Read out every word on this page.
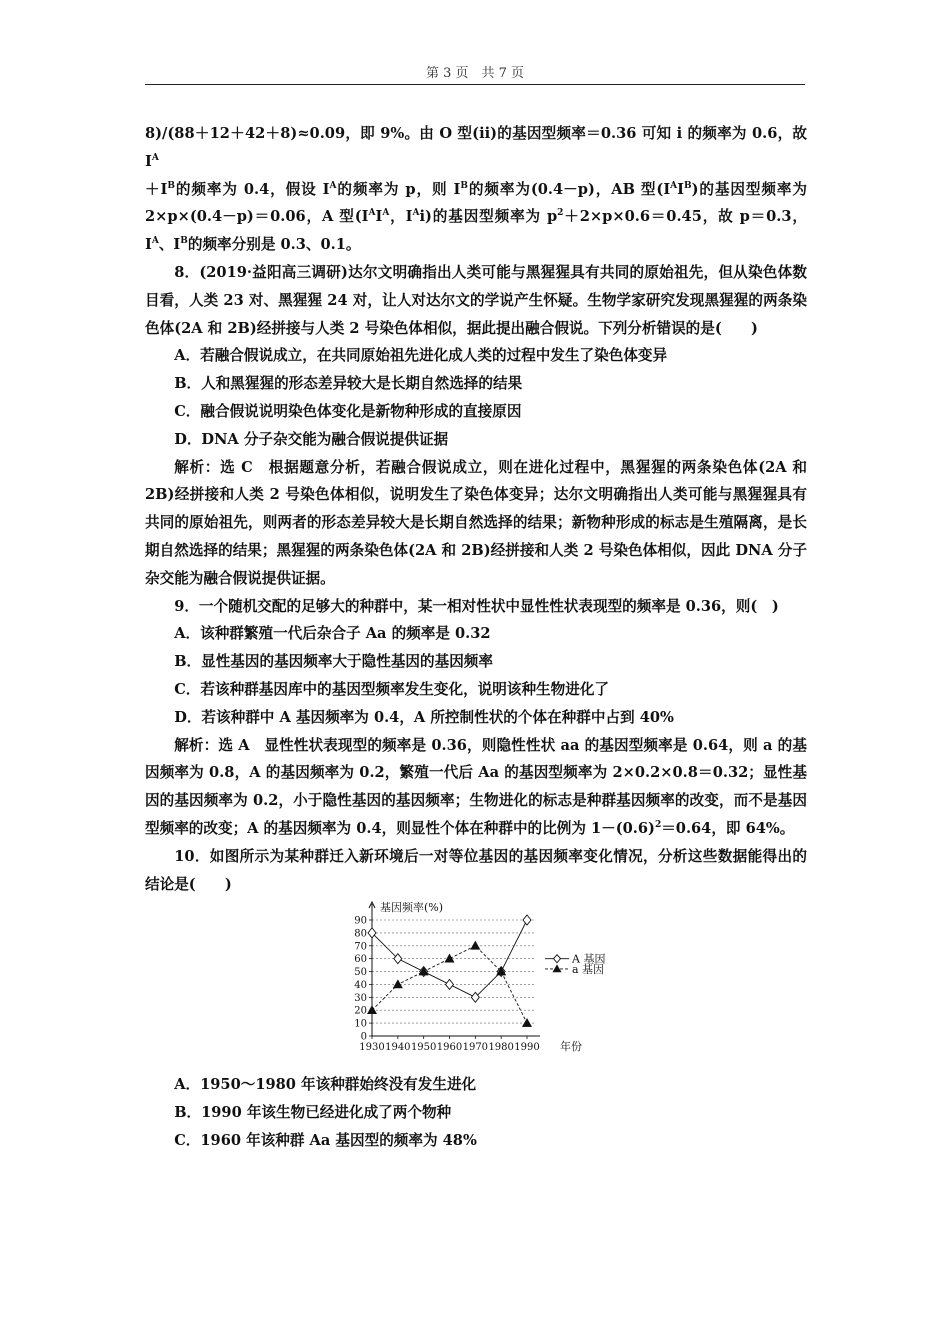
第 3 页　共 7 页

8)/(88＋12＋42＋8)≈0.09，即 9%。由 O 型(ii)的基因型频率＝0.36 可知 i 的频率为 0.6，故 $I^A$
$+I^B$的频率为 0.4，假设 $I^A$的频率为 p，则 $I^B$的频率为(0.4－p)，AB 型$(I^AI^B)$的基因型频率为 2×p×(0.4－p)＝0.06，A 型($I^AI^A$，$I^Ai$)的基因型频率为 $p^2+2\times p\times 0.6=0.45$，故 p＝0.3，$I^A$、$I^B$的频率分别是 0.3、0.1。

8．(2019·益阳高三调研)达尔文明确指出人类可能与黑猩猩具有共同的原始祖先，但从染色体数目看，人类 23 对、黑猩猩 24 对，让人对达尔文的学说产生怀疑。生物学家研究发现黑猩猩的两条染色体(2A 和 2B)经拼接与人类 2 号染色体相似，据此提出融合假说。下列分析错误的是(　　)

A．若融合假说成立，在共同原始祖先进化成人类的过程中发生了染色体变异

B．人和黑猩猩的形态差异较大是长期自然选择的结果

C．融合假说说明染色体变化是新物种形成的直接原因

D．DNA 分子杂交能为融合假说提供证据

解析：选 C　根据题意分析，若融合假说成立，则在进化过程中，黑猩猩的两条染色体(2A 和 2B)经拼接和人类 2 号染色体相似，说明发生了染色体变异；达尔文明确指出人类可能与黑猩猩具有共同的原始祖先，则两者的形态差异较大是长期自然选择的结果；新物种形成的标志是生殖隔离，是长期自然选择的结果；黑猩猩的两条染色体(2A 和 2B)经拼接和人类 2 号染色体相似，因此 DNA 分子杂交能为融合假说提供证据。

9．一个随机交配的足够大的种群中，某一相对性状中显性性状表现型的频率是 0.36，则(　)

A．该种群繁殖一代后杂合子 Aa 的频率是 0.32

B．显性基因的基因频率大于隐性基因的基因频率

C．若该种群基因库中的基因型频率发生变化，说明该种生物进化了

D．若该种群中 A 基因频率为 0.4，A 所控制性状的个体在种群中占到 40%

解析：选 A　显性性状表现型的频率是 0.36，则隐性性状 aa 的基因型频率是 0.64，则 a 的基因频率为 0.8，A 的基因频率为 0.2，繁殖一代后 Aa 的基因型频率为 2×0.2×0.8＝0.32；显性基因的基因频率为 0.2，小于隐性基因的基因频率；生物进化的标志是种群基因频率的改变，而不是基因型频率的改变；A 的基因频率为 0.4，则显性个体在种群中的比例为 $1-(0.6)^2=0.64$，即 64%。

10．如图所示为某种群迁入新环境后一对等位基因的基因频率变化情况，分析这些数据能得出的结论是(　　)

0
10
20
30
40
50
60
70
80
90
基因频率(%)
1930 1940 1950 1960 1970 1980 1990 年份
A 基因
a 基因

A．1950～1980 年该种群始终没有发生进化

B．1990 年该生物已经进化成了两个物种

C．1960 年该种群 Aa 基因型的频率为 48%
